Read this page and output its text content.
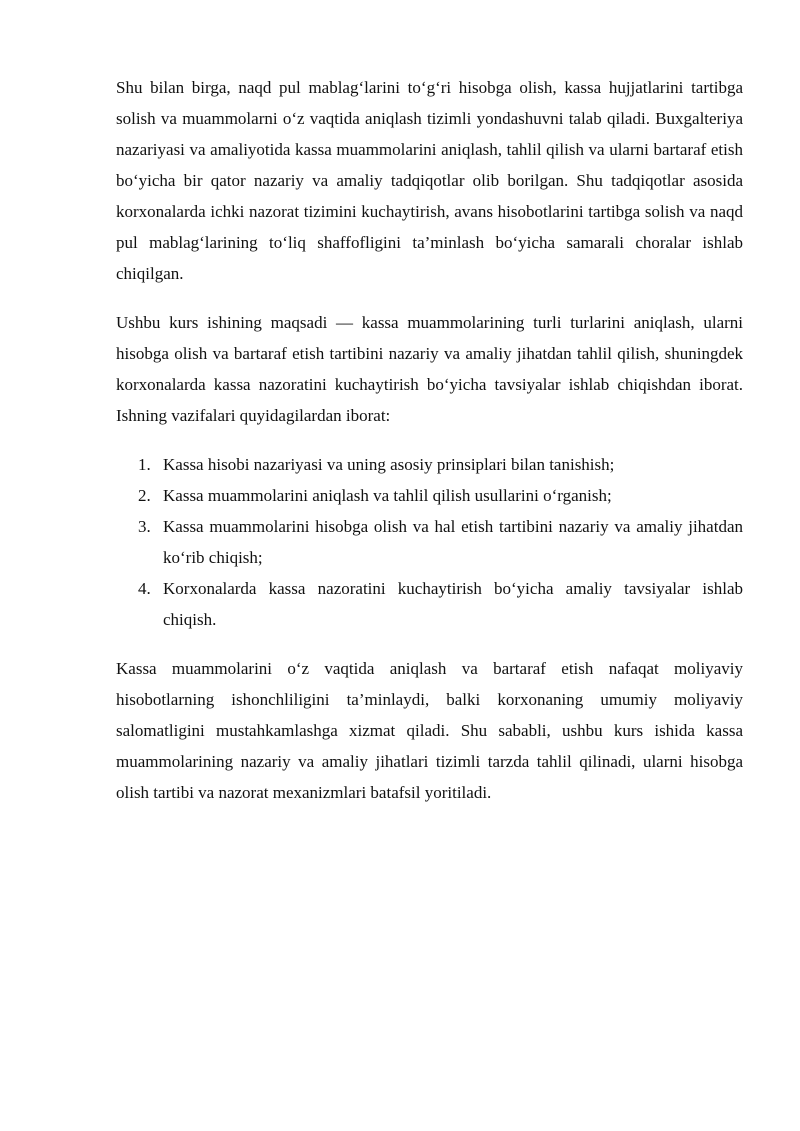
Shu bilan birga, naqd pul mablag‘larini to‘g‘ri hisobga olish, kassa hujjatlarini tartibga solish va muammolarni o‘z vaqtida aniqlash tizimli yondashuvni talab qiladi. Buxgalteriya nazariyasi va amaliyotida kassa muammolarini aniqlash, tahlil qilish va ularni bartaraf etish bo‘yicha bir qator nazariy va amaliy tadqiqotlar olib borilgan. Shu tadqiqotlar asosida korxonalarda ichki nazorat tizimini kuchaytirish, avans hisobotlarini tartibga solish va naqd pul mablag‘larining to‘liq shaffofligini ta’minlash bo‘yicha samarali choralar ishlab chiqilgan.

Ushbu kurs ishining maqsadi — kassa muammolarining turli turlarini aniqlash, ularni hisobga olish va bartaraf etish tartibini nazariy va amaliy jihatdan tahlil qilish, shuningdek korxonalarda kassa nazoratini kuchaytirish bo‘yicha tavsiyalar ishlab chiqishdan iborat. Ishning vazifalari quyidagilardan iborat:

1. Kassa hisobi nazariyasi va uning asosiy prinsiplari bilan tanishish;
2. Kassa muammolarini aniqlash va tahlil qilish usullarini o‘rganish;
3. Kassa muammolarini hisobga olish va hal etish tartibini nazariy va amaliy jihatdan ko‘rib chiqish;
4. Korxonalarda kassa nazoratini kuchaytirish bo‘yicha amaliy tavsiyalar ishlab chiqish.

Kassa muammolarini o‘z vaqtida aniqlash va bartaraf etish nafaqat moliyaviy hisobotlarning ishonchliligini ta’minlaydi, balki korxonaning umumiy moliyaviy salomatligini mustahkamlashga xizmat qiladi. Shu sababli, ushbu kurs ishida kassa muammolarining nazariy va amaliy jihatlari tizimli tarzda tahlil qilinadi, ularni hisobga olish tartibi va nazorat mexanizmlari batafsil yoritiladi.
